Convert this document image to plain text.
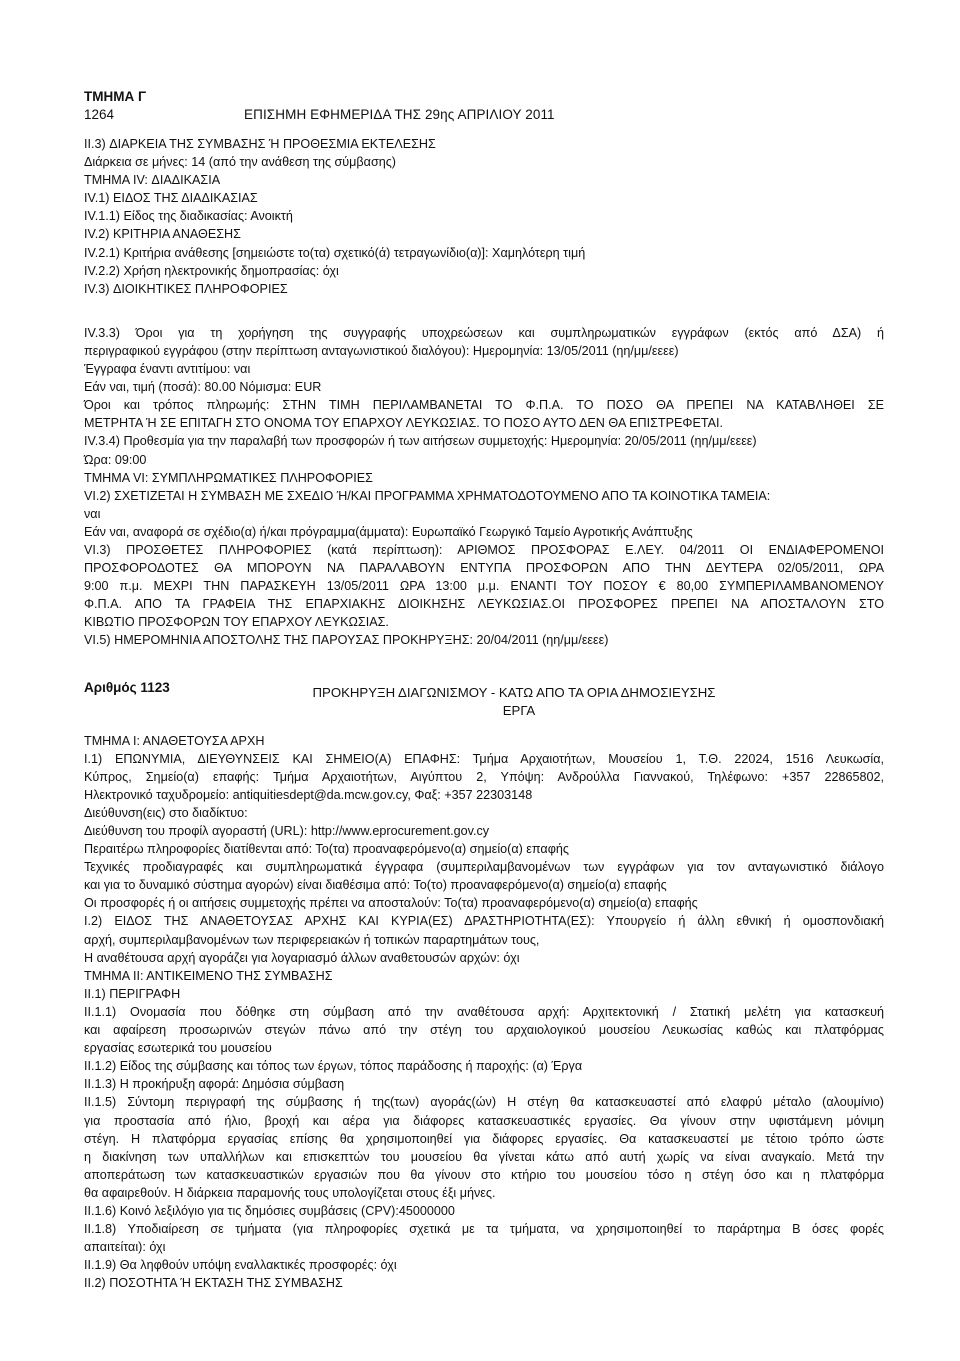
ΤΜΗΜΑ Γ
1264	ΕΠΙΣΗΜΗ ΕΦΗΜΕΡΙΔΑ ΤΗΣ 29ης ΑΠΡΙΛΙΟΥ 2011
II.3) ΔΙΑΡΚΕΙΑ ΤΗΣ ΣΥΜΒΑΣΗΣ Ή ΠΡΟΘΕΣΜΙΑ ΕΚΤΕΛΕΣΗΣ
Διάρκεια σε μήνες: 14 (από την ανάθεση της σύμβασης)
ΤΜΗΜΑ IV: ΔΙΑΔΙΚΑΣΙΑ
IV.1) ΕΙΔΟΣ ΤΗΣ ΔΙΑΔΙΚΑΣΙΑΣ
IV.1.1) Είδος της διαδικασίας: Ανοικτή
IV.2) ΚΡΙΤΗΡΙΑ ΑΝΑΘΕΣΗΣ
IV.2.1) Κριτήρια ανάθεσης [σημειώστε το(τα) σχετικό(ά) τετραγωνίδιο(α)]: Χαμηλότερη τιμή
IV.2.2) Χρήση ηλεκτρονικής δημοπρασίας: όχι
IV.3) ΔΙΟΙΚΗΤΙΚΕΣ ΠΛΗΡΟΦΟΡΙΕΣ
IV.3.3) Όροι για τη χορήγηση της συγγραφής υποχρεώσεων και συμπληρωματικών εγγράφων (εκτός από ΔΣΑ) ή
περιγραφικού εγγράφου (στην περίπτωση ανταγωνιστικού διαλόγου): Ημερομηνία: 13/05/2011 (ηη/μμ/εεεε)
Έγγραφα έναντι αντιτίμου: ναι
Εάν ναι, τιμή (ποσά): 80.00 Νόμισμα: EUR
Όροι και τρόπος πληρωμής: ΣΤΗΝ ΤΙΜΗ ΠΕΡΙΛΑΜΒΑΝΕΤΑΙ ΤΟ Φ.Π.Α. ΤΟ ΠΟΣΟ ΘΑ ΠΡΕΠΕΙ ΝΑ ΚΑΤΑΒΛΗΘΕΙ ΣΕ
ΜΕΤΡΗΤΑ Ή ΣΕ ΕΠΙΤΑΓΗ ΣΤΟ ΟΝΟΜΑ ΤΟΥ ΕΠΑΡΧΟΥ ΛΕΥΚΩΣΙΑΣ. ΤΟ ΠΟΣΟ ΑΥΤΟ ΔΕΝ ΘΑ ΕΠΙΣΤΡΕΦΕΤΑΙ.
IV.3.4) Προθεσμία για την παραλαβή των προσφορών ή των αιτήσεων συμμετοχής: Ημερομηνία: 20/05/2011 (ηη/μμ/εεεε)
Ώρα: 09:00
ΤΜΗΜΑ VI: ΣΥΜΠΛΗΡΩΜΑΤΙΚΕΣ ΠΛΗΡΟΦΟΡΙΕΣ
VI.2) ΣΧΕΤΙΖΕΤΑΙ Η ΣΥΜΒΑΣΗ ΜΕ ΣΧΕΔΙΟ Ή/ΚΑΙ ΠΡΟΓΡΑΜΜΑ ΧΡΗΜΑΤΟΔΟΤΟΥΜΕΝΟ ΑΠΟ ΤΑ ΚΟΙΝΟΤΙΚΑ ΤΑΜΕΙΑ:
ναι
Εάν ναι, αναφορά σε σχέδιο(α) ή/και πρόγραμμα(άμματα): Ευρωπαϊκό Γεωργικό Ταμείο Αγροτικής Ανάπτυξης
VI.3) ΠΡΟΣΘΕΤΕΣ ΠΛΗΡΟΦΟΡΙΕΣ (κατά περίπτωση): ΑΡΙΘΜΟΣ ΠΡΟΣΦΟΡΑΣ Ε.ΛΕΥ. 04/2011 ΟΙ ΕΝΔΙΑΦΕΡΟΜΕΝΟΙ
ΠΡΟΣΦΟΡΟΔΟΤΕΣ ΘΑ ΜΠΟΡΟΥΝ ΝΑ ΠΑΡΑΛΑΒΟΥΝ ΕΝΤΥΠΑ ΠΡΟΣΦΟΡΩΝ ΑΠΟ ΤΗΝ ΔΕΥΤΕΡΑ 02/05/2011, ΩΡΑ
9:00 π.μ. ΜΕΧΡΙ ΤΗΝ ΠΑΡΑΣΚΕΥΗ 13/05/2011 ΩΡΑ 13:00 μ.μ. ΕΝΑΝΤΙ ΤΟΥ ΠΟΣΟΥ € 80,00 ΣΥΜΠΕΡΙΛΑΜΒΑΝΟΜΕΝΟΥ
Φ.Π.Α. ΑΠΟ ΤΑ ΓΡΑΦΕΙΑ ΤΗΣ ΕΠΑΡΧΙΑΚΗΣ ΔΙΟΙΚΗΣΗΣ ΛΕΥΚΩΣΙΑΣ.ΟΙ ΠΡΟΣΦΟΡΕΣ ΠΡΕΠΕΙ ΝΑ ΑΠΟΣΤΑΛΟΥΝ ΣΤΟ
ΚΙΒΩΤΙΟ ΠΡΟΣΦΟΡΩΝ ΤΟΥ ΕΠΑΡΧΟΥ ΛΕΥΚΩΣΙΑΣ.
VI.5) ΗΜΕΡΟΜΗΝΙΑ ΑΠΟΣΤΟΛΗΣ ΤΗΣ ΠΑΡΟΥΣΑΣ ΠΡΟΚΗΡΥΞΗΣ: 20/04/2011 (ηη/μμ/εεεε)
Αριθμός 1123	ΠΡΟΚΗΡΥΞΗ ΔΙΑΓΩΝΙΣΜΟΥ - ΚΑΤΩ ΑΠΟ ΤΑ ΟΡΙΑ ΔΗΜΟΣΙΕΥΣΗΣ
ΕΡΓΑ
ΤΜΗΜΑ Ι: ΑΝΑΘΕΤΟΥΣΑ ΑΡΧΗ
Ι.1) ΕΠΩΝΥΜΙΑ, ΔΙΕΥΘΥΝΣΕΙΣ ΚΑΙ ΣΗΜΕΙΟ(Α) ΕΠΑΦΗΣ: Τμήμα Αρχαιοτήτων, Μουσείου 1, Τ.Θ. 22024, 1516 Λευκωσία,
Κύπρος, Σημείο(α) επαφής: Τμήμα Αρχαιοτήτων, Αιγύπτου 2, Υπόψη: Ανδρούλλα Γιαννακού, Τηλέφωνο: +357 22865802,
Ηλεκτρονικό ταχυδρομείο: antiquitiesdept@da.mcw.gov.cy, Φαξ: +357 22303148
Διεύθυνση(εις) στο διαδίκτυο:
Διεύθυνση του προφίλ αγοραστή (URL): http://www.eprocurement.gov.cy
Περαιτέρω πληροφορίες διατίθενται από: Το(τα) προαναφερόμενο(α) σημείο(α) επαφής
Τεχνικές προδιαγραφές και συμπληρωματικά έγγραφα (συμπεριλαμβανομένων των εγγράφων για τον ανταγωνιστικό διάλογο
και για το δυναμικό σύστημα αγορών) είναι διαθέσιμα από: Το(το) προαναφερόμενο(α) σημείο(α) επαφής
Οι προσφορές ή οι αιτήσεις συμμετοχής πρέπει να αποσταλούν: Το(τα) προαναφερόμενο(α) σημείο(α) επαφής
Ι.2) ΕΙΔΟΣ ΤΗΣ ΑΝΑΘΕΤΟΥΣΑΣ ΑΡΧΗΣ ΚΑΙ ΚΥΡΙΑ(ΕΣ) ΔΡΑΣΤΗΡΙΟΤΗΤΑ(ΕΣ): Υπουργείο ή άλλη εθνική ή ομοσπονδιακή
αρχή, συμπεριλαμβανομένων των περιφερειακών ή τοπικών παραρτημάτων τους,
Η αναθέτουσα αρχή αγοράζει για λογαριασμό άλλων αναθετουσών αρχών: όχι
ΤΜΗΜΑ ΙΙ: ΑΝΤΙΚΕΙΜΕΝΟ ΤΗΣ ΣΥΜΒΑΣΗΣ
ΙΙ.1) ΠΕΡΙΓΡΑΦΗ
ΙΙ.1.1) Ονομασία που δόθηκε στη σύμβαση από την αναθέτουσα αρχή: Αρχιτεκτονική / Στατική μελέτη για κατασκευή
και αφαίρεση προσωρινών στεγών πάνω από την στέγη του αρχαιολογικού μουσείου Λευκωσίας καθώς και πλατφόρμας
εργασίας εσωτερικά του μουσείου
ΙΙ.1.2) Είδος της σύμβασης και τόπος των έργων, τόπος παράδοσης ή παροχής: (α) Έργα
ΙΙ.1.3) Η προκήρυξη αφορά: Δημόσια σύμβαση
ΙΙ.1.5) Σύντομη περιγραφή της σύμβασης ή της(των) αγοράς(ών) Η στέγη θα κατασκευαστεί από ελαφρύ μέταλο (αλουμίνιο)
για προστασία από ήλιο, βροχή και αέρα για διάφορες κατασκευαστικές εργασίες. Θα γίνουν στην υφιστάμενη μόνιμη
στέγη. Η πλατφόρμα εργασίας επίσης θα χρησιμοποιηθεί για διάφορες εργασίες. Θα κατασκευαστεί με τέτοιο τρόπο ώστε
η διακίνηση των υπαλλήλων και επισκεπτών του μουσείου θα γίνεται κάτω από αυτή χωρίς να είναι αναγκαίο. Μετά την
αποπεράτωση των κατασκευαστικών εργασιών που θα γίνουν στο κτήριο του μουσείου τόσο η στέγη όσο και η πλατφόρμα
θα αφαιρεθούν. Η διάρκεια παραμονής τους υπολογίζεται στους έξι μήνες.
ΙΙ.1.6) Κοινό λεξιλόγιο για τις δημόσιες συμβάσεις (CPV):45000000
ΙΙ.1.8) Υποδιαίρεση σε τμήματα (για πληροφορίες σχετικά με τα τμήματα, να χρησιμοποιηθεί το παράρτημα Β όσες φορές
απαιτείται): όχι
ΙΙ.1.9) Θα ληφθούν υπόψη εναλλακτικές προσφορές: όχι
ΙΙ.2) ΠΟΣΟΤΗΤΑ Ή ΕΚΤΑΣΗ ΤΗΣ ΣΥΜΒΑΣΗΣ
